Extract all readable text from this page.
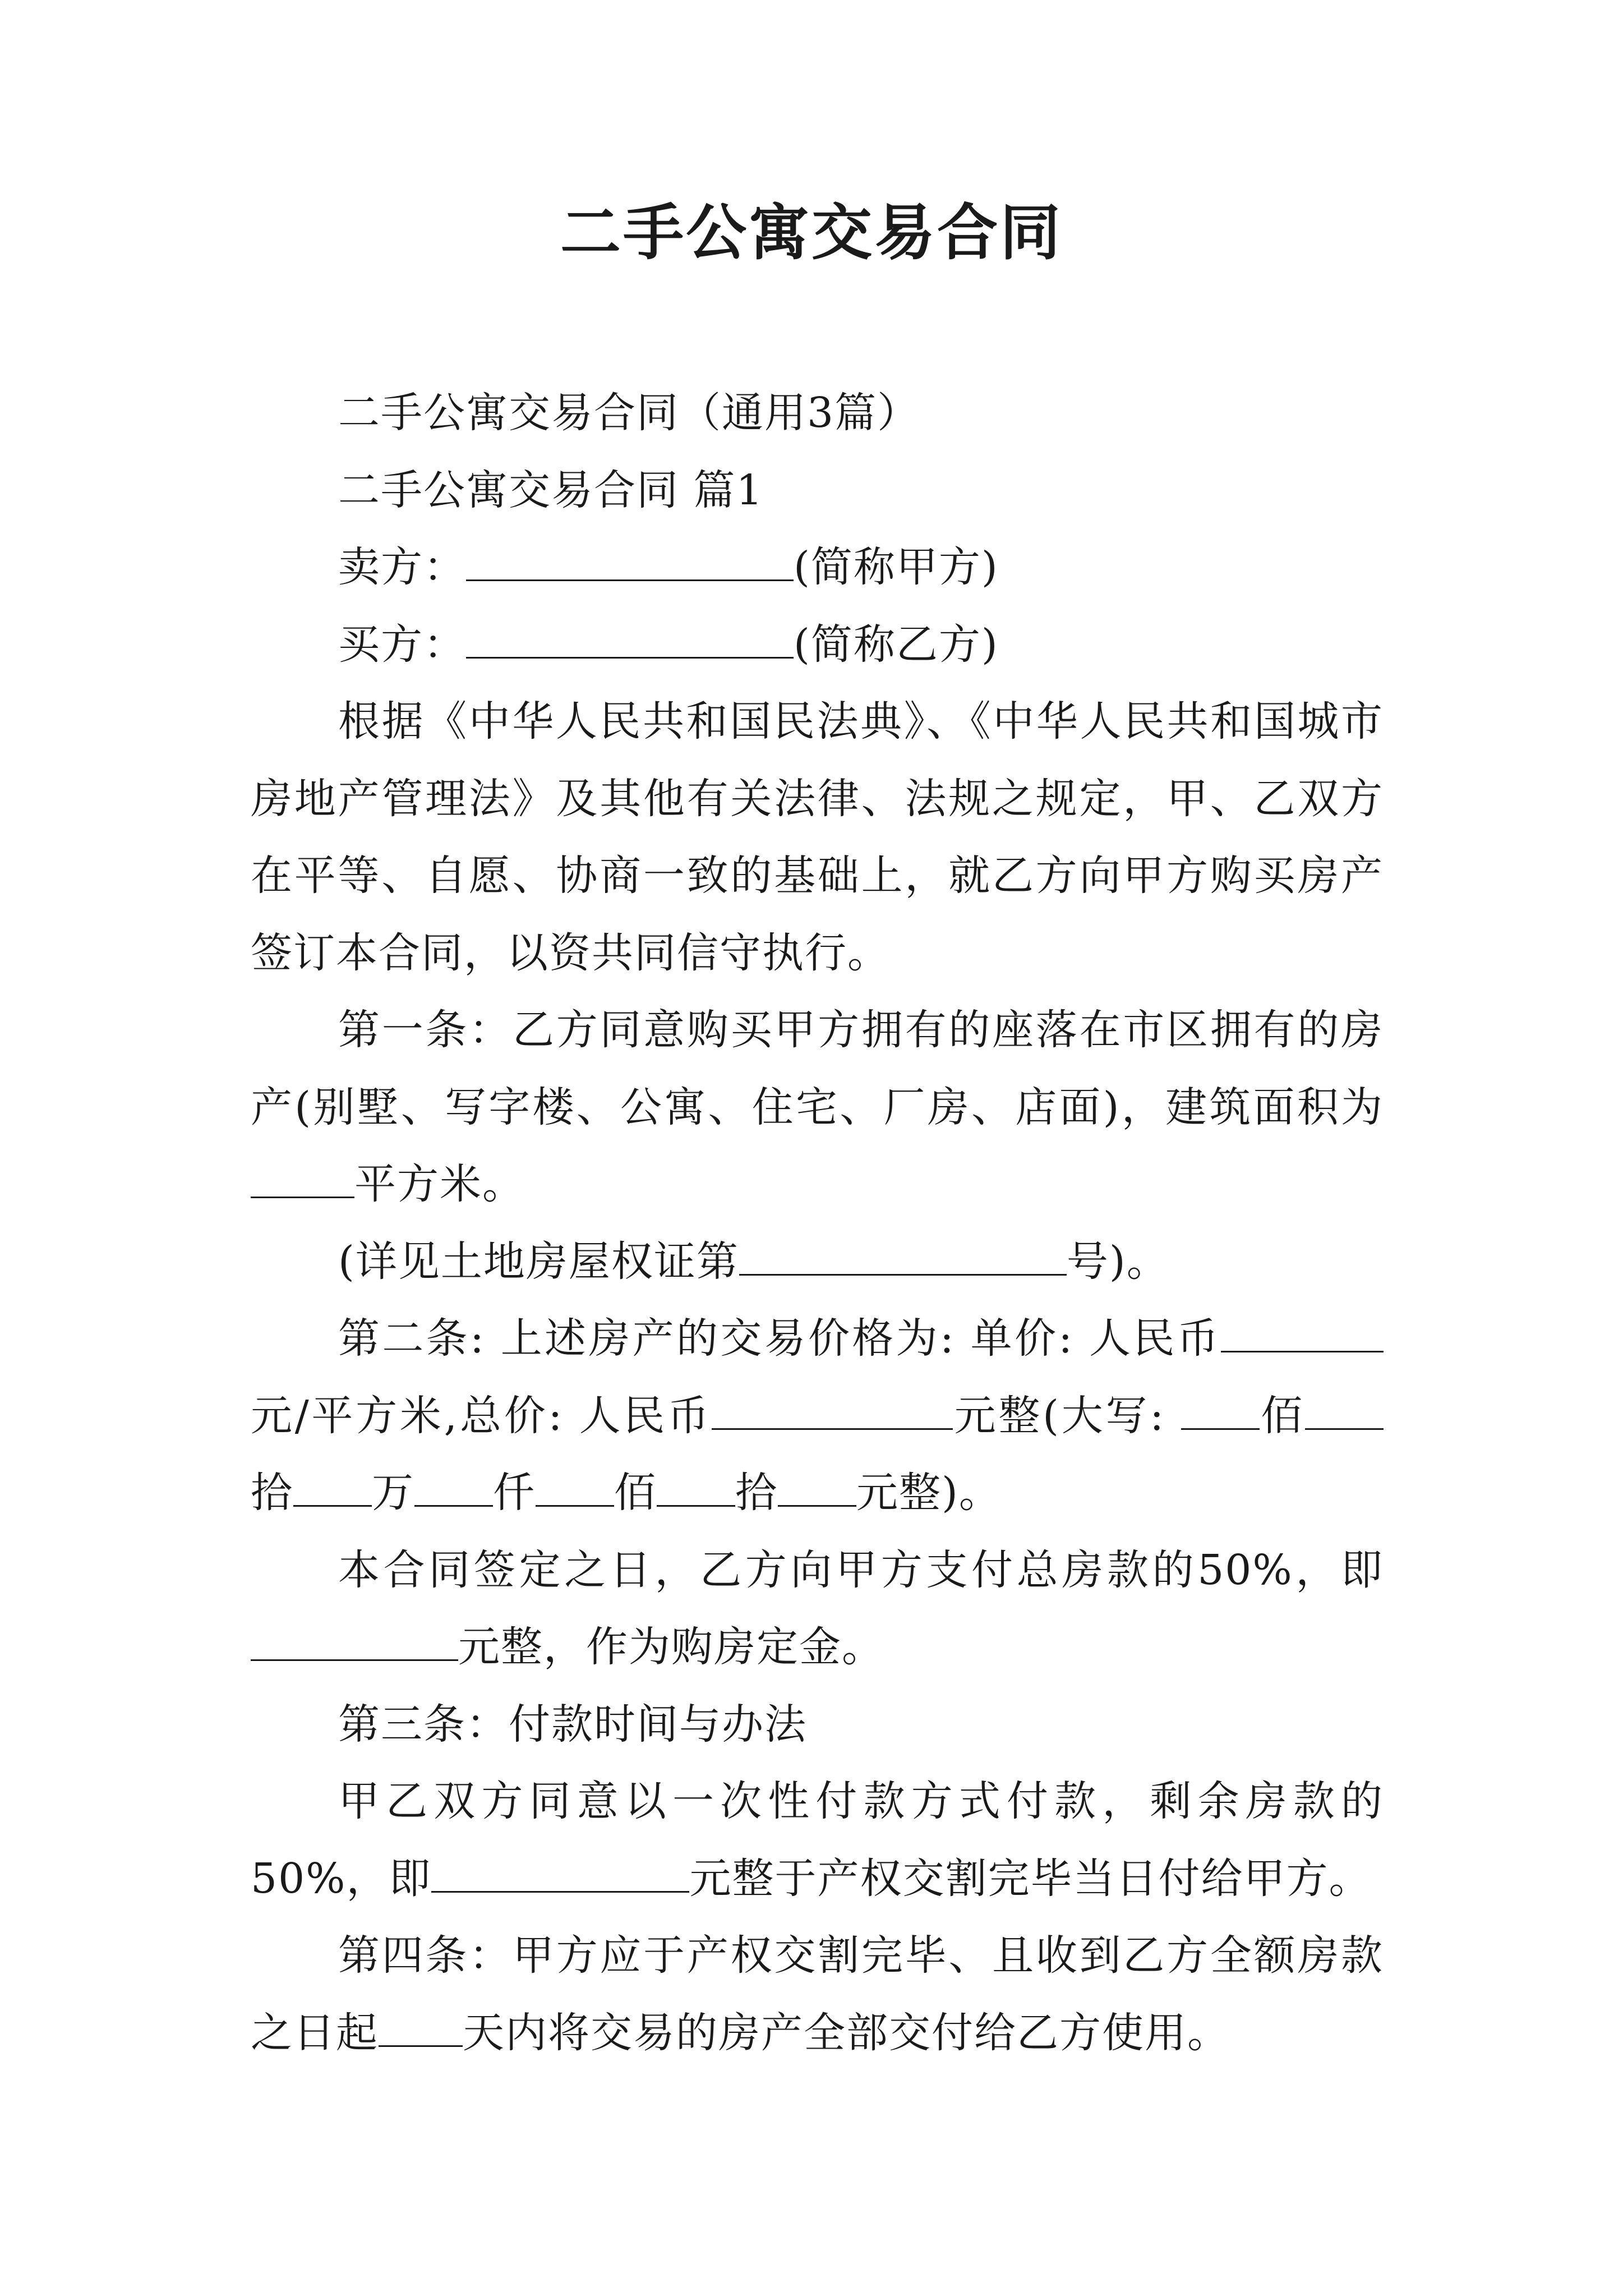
二手公寓交易合同

二手公寓交易合同（通用3篇）

二手公寓交易合同 篇1

卖方：	(简称甲方)

买方：	(简称乙方)

根据《中华人民共和国民法典》、《中华人民共和国城市房地产管理法》及其他有关法律、法规之规定，甲、乙双方在平等、自愿、协商一致的基础上，就乙方向甲方购买房产签订本合同，以资共同信守执行。

第一条：乙方同意购买甲方拥有的座落在市区拥有的房产(别墅、写字楼、公寓、住宅、厂房、店面)，建筑面积为平方米。

(详见土地房屋权证第	号)。

第二条: 上述房产的交易价格为: 单价: 人民币元/平方米,总价: 人民币	元整(大写: 佰拾 万 仟 佰 拾 元整)。

本合同签定之日，乙方向甲方支付总房款的50%，即元整，作为购房定金。

第三条：付款时间与办法

甲乙双方同意以一次性付款方式付款，剩余房款的50%，即	元整于产权交割完毕当日付给甲方。

第四条：甲方应于产权交割完毕、且收到乙方全额房款之日起 天内将交易的房产全部交付给乙方使用。
